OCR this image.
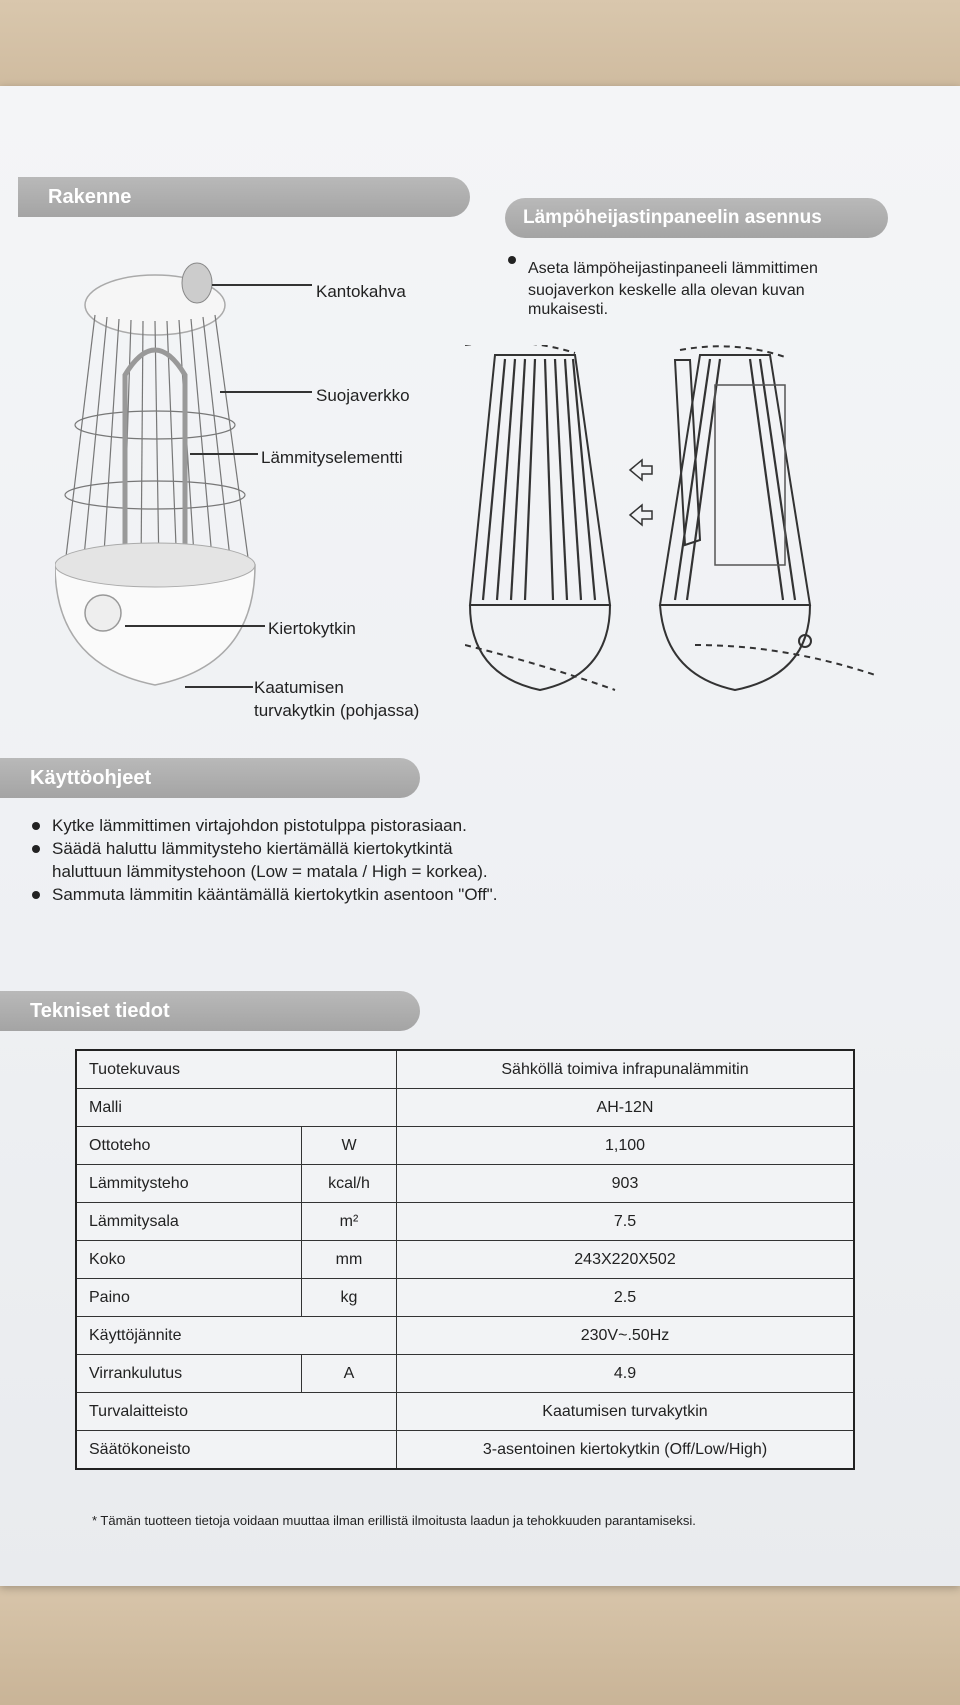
Rakenne
Lämpöheijastinpaneelin asennus
Kantokahva
Suojaverkko
Lämmityselementti
Kiertokytkin
Kaatumisen
turvakytkin (pohjassa)
Aseta lämpöheijastinpaneeli lämmittimen
suojaverkon keskelle alla olevan kuvan
mukaisesti.
Käyttöohjeet
Kytke lämmittimen virtajohdon pistotulppa pistorasiaan.
Säädä haluttu lämmitysteho kiertämällä kiertokytkintä
haluttuun lämmitystehoon (Low = matala / High = korkea).
Sammuta lämmitin kääntämällä kiertokytkin asentoon "Off".
Tekniset tiedot
Tuotekuvaus		Sähköllä toimiva infrapunalämmitin
Malli		AH-12N
Ottoteho	W	1,100
Lämmitysteho	kcal/h	903
Lämmitysala	m²	7.5
Koko	mm	243X220X502
Paino	kg	2.5
Käyttöjännite		230V~.50Hz
Virrankulutus	A	4.9
Turvalaitteisto		Kaatumisen turvakytkin
Säätökoneisto		3-asentoinen kiertokytkin (Off/Low/High)
* Tämän tuotteen tietoja voidaan muuttaa ilman erillistä ilmoitusta laadun ja tehokkuuden parantamiseksi.
